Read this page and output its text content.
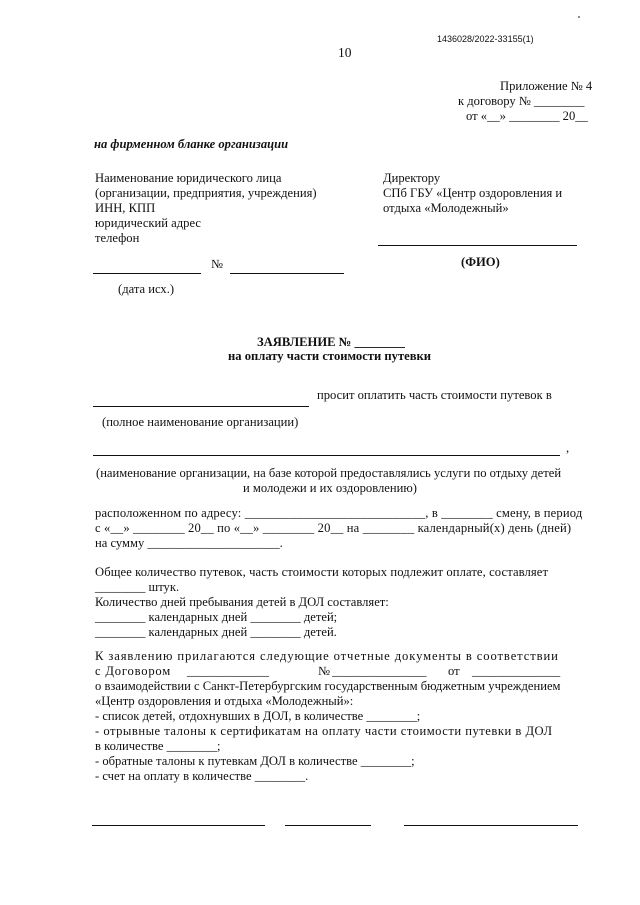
1436028/2022-33155(1)
10
Приложение № 4
к договору № ________
от «__» ________ 20__
на фирменном бланке организации
Наименование юридического лица
(организации, предприятия, учреждения)
ИНН, КПП
юридический адрес
телефон
Директору
СПб ГБУ «Центр оздоровления и
отдыха «Молодежный»
(ФИО)
№
(дата исх.)
ЗАЯВЛЕНИЕ № ________
на оплату части стоимости путевки
просит оплатить часть стоимости путевок в
(полное наименование организации)
,
(наименование организации, на базе которой предоставлялись услуги по отдыху детей
и молодежи и их оздоровлению)
расположенном по адресу: ____________________________, в ________ смену, в период
с «__» ________ 20__ по «__» ________ 20__ на ________ календарный(х) день (дней)
на сумму _____________________.
Общее количество путевок, часть стоимости которых подлежит оплате, составляет
________ штук.
Количество дней пребывания детей в ДОЛ составляет:
________ календарных дней ________ детей;
________ календарных дней ________ детей.
К заявлению прилагаются следующие отчетные документы в соответствии
с Договором _____________	№ _______________ от ______________
о взаимодействии с Санкт-Петербургским государственным бюджетным учреждением
«Центр оздоровления и отдыха «Молодежный»:
- список детей, отдохнувших в ДОЛ, в количестве ________;
- отрывные талоны к сертификатам на оплату части стоимости путевки в ДОЛ
в количестве ________;
- обратные талоны к путевкам ДОЛ в количестве ________;
- счет на оплату в количестве ________.
